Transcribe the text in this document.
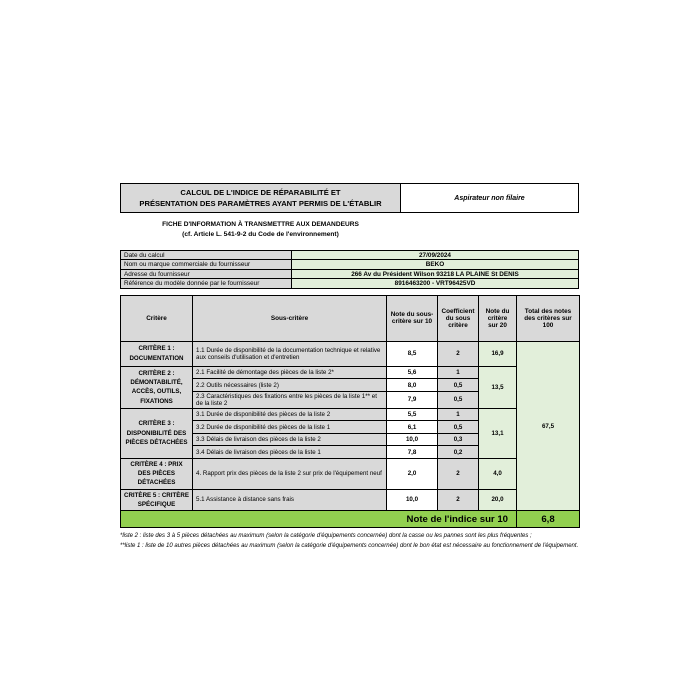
CALCUL DE L'INDICE DE RÉPARABILITÉ ET
PRÉSENTATION DES PARAMÈTRES AYANT PERMIS DE L'ÉTABLIR
Aspirateur non filaire
FICHE D'INFORMATION À TRANSMETTRE AUX DEMANDEURS
(cf. Article L. 541-9-2 du Code de l'environnement)
Date du calcul	27/09/2024
Nom ou marque commerciale du fournisseur	BEKO
Adresse du fournisseur	266 Av du Président Wilson 93218 LA PLAINE St DENIS
Référence du modèle donnée par le fournisseur	8916463200 - VRT96425VD
Critère	Sous-critère	Note du sous-critère sur 10	Coefficient du sous critère	Note du critère sur 20	Total des notes des critères sur 100
CRITÈRE 1 : DOCUMENTATION	1.1 Durée de disponibilité de la documentation technique et relative aux conseils d'utilisation et d'entretien	8,5	2	16,9	67,5
CRITÈRE 2 : DÉMONTABILITÉ, ACCÈS, OUTILS, FIXATIONS	2.1 Facilité de démontage des pièces de la liste 2*	5,6	1	13,5	
	2.2 Outils nécessaires (liste 2)	8,0	0,5		
	2.3 Caractéristiques des fixations entre les pièces de la liste 1** et de la liste 2	7,9	0,5		
CRITÈRE 3 : DISPONIBILITÉ DES PIÈCES DÉTACHÉES	3.1 Durée de disponibilité des pièces de la liste 2	5,5	1	13,1	
	3.2 Durée de disponibilité des pièces de la liste 1	6,1	0,5		
	3.3 Délais de livraison des pièces de la liste 2	10,0	0,3		
	3.4 Délais de livraison des pièces de la liste 1	7,8	0,2		
CRITÈRE 4 : PRIX DES PIÈCES DÉTACHÉES	4. Rapport prix des pièces de la liste 2 sur prix de l'équipement neuf	2,0	2	4,0	
CRITÈRE 5 : CRITÈRE SPÉCIFIQUE	5.1 Assistance à distance sans frais	10,0	2	20,0	
Note de l'indice sur 10					6,8
*liste 2 : liste des 3 à 5 pièces détachées au maximum (selon la catégorie d'équipements concernée) dont la casse ou les pannes sont les plus fréquentes ;
**liste 1 : liste de 10 autres pièces détachées au maximum (selon la catégorie d'équipements concernée) dont le bon état est nécessaire au fonctionnement de l'équipement.
